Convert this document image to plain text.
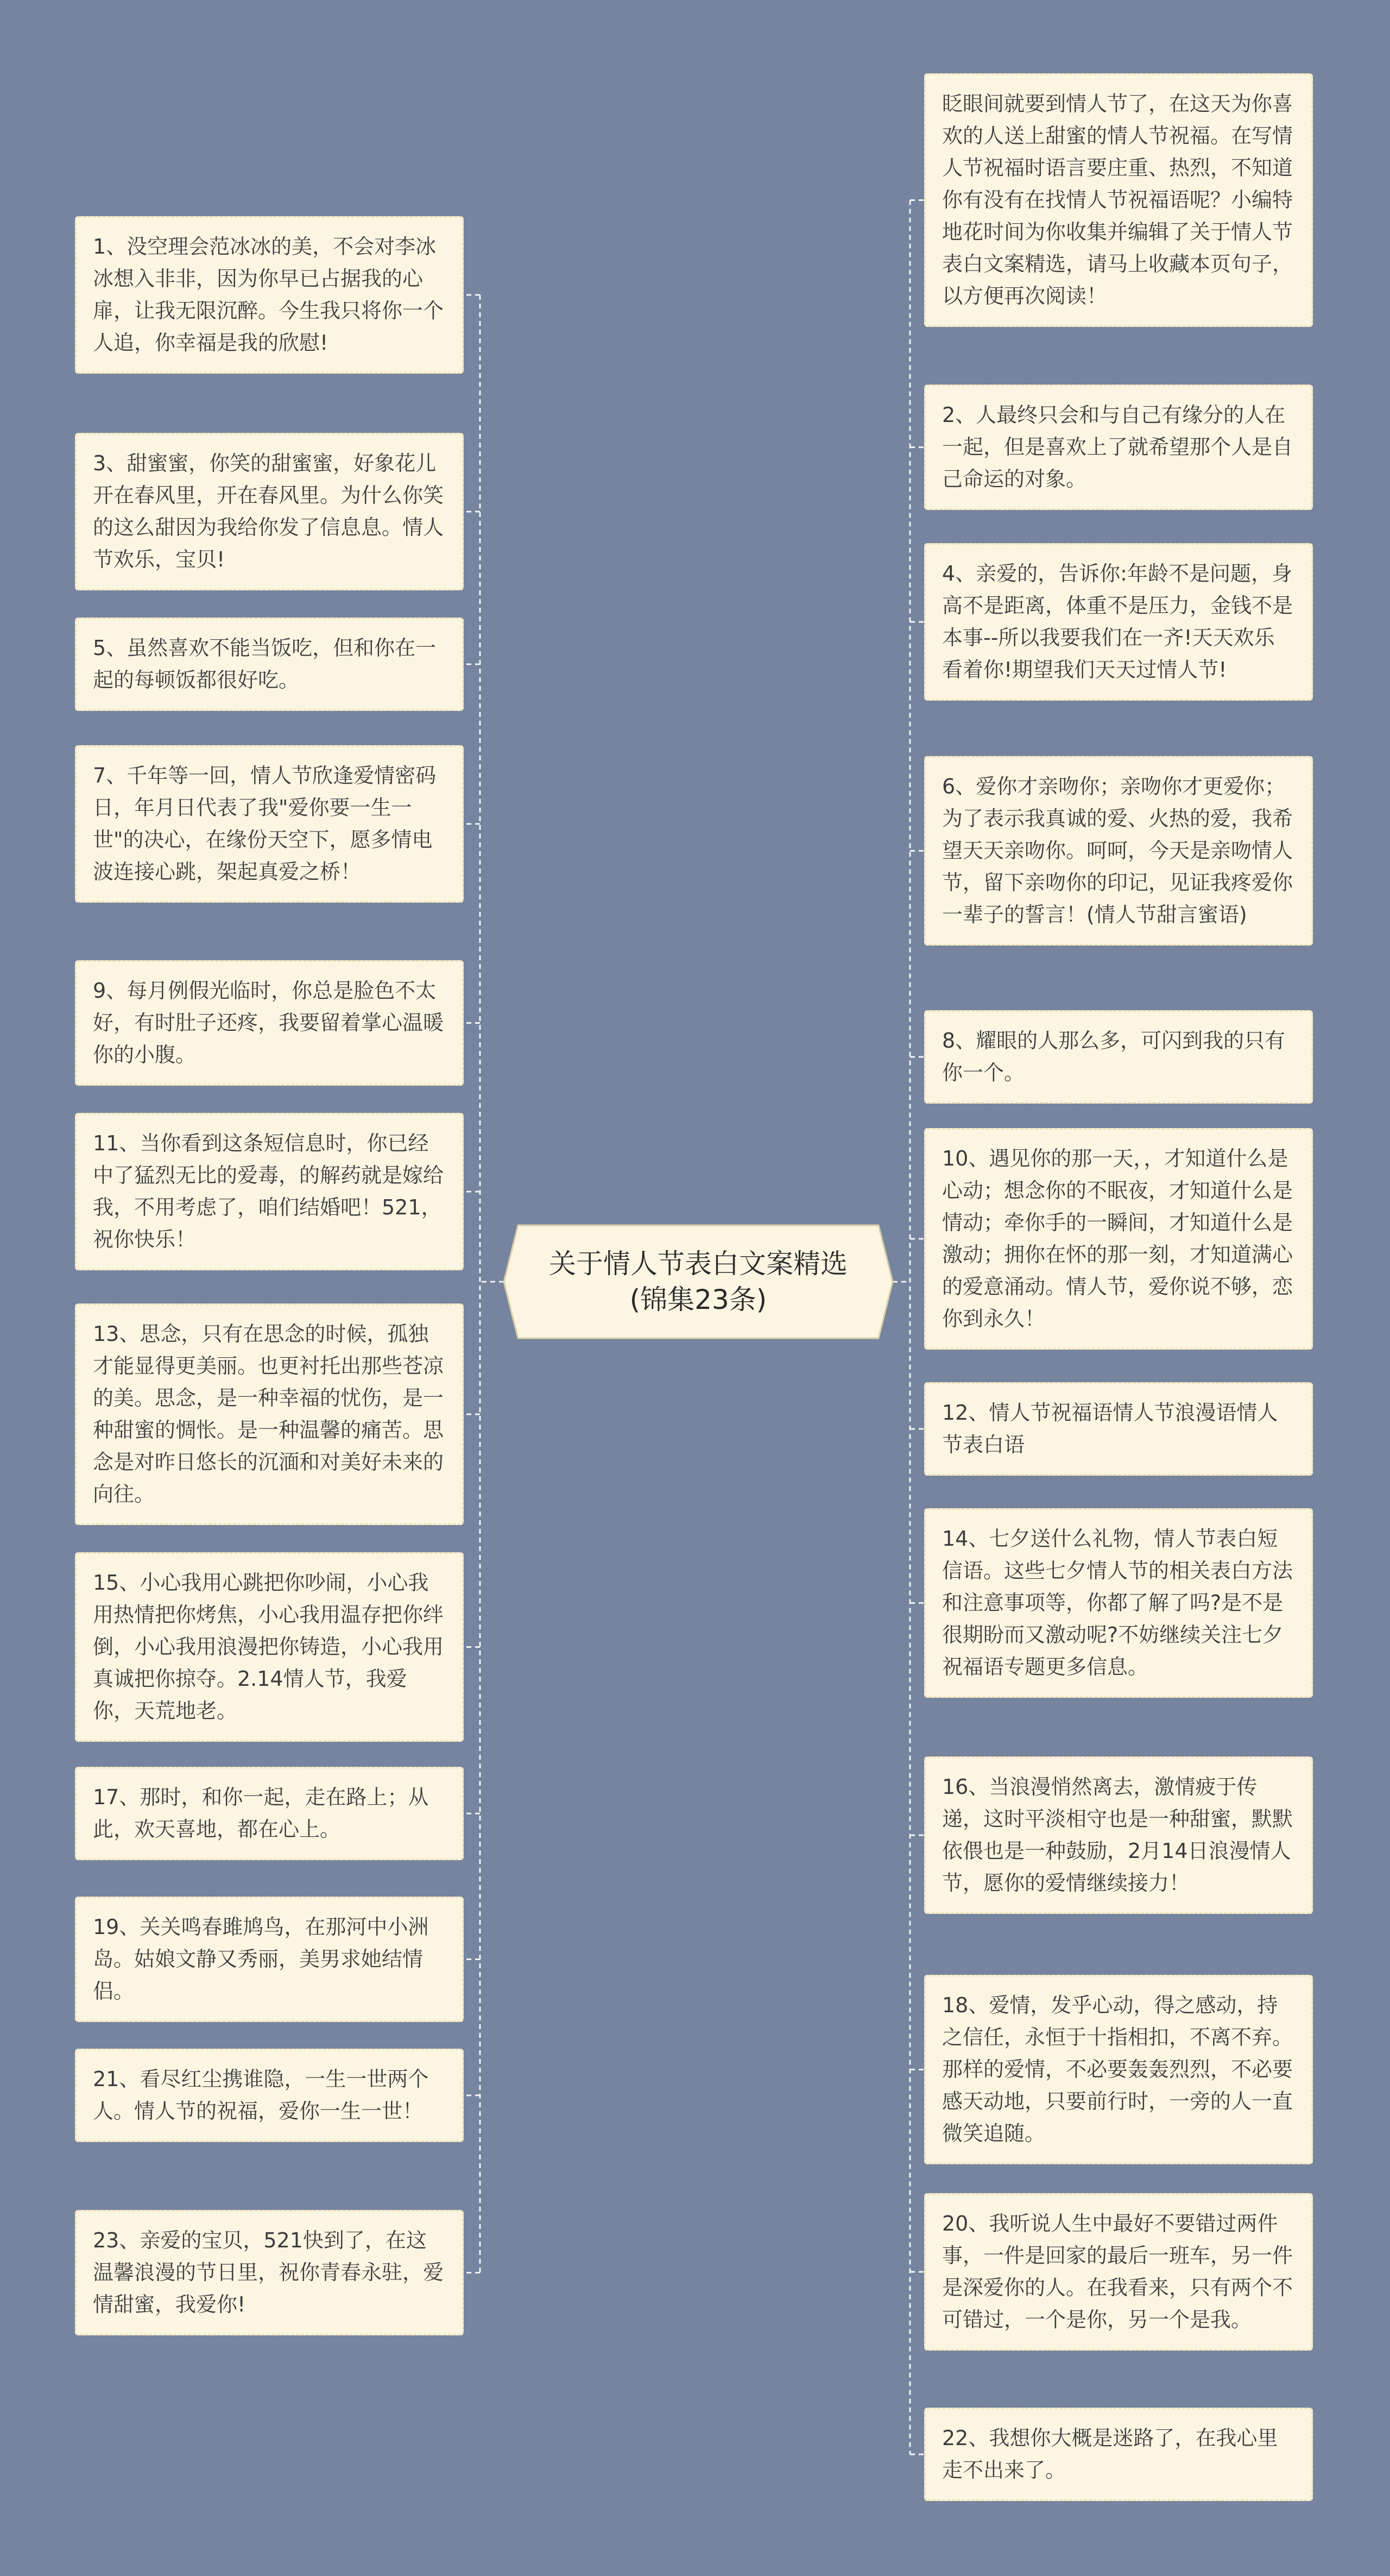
关于情人节表白文案精选(锦集23条)
1、没空理会范冰冰的美，不会对李冰冰想入非非，因为你早已占据我的心扉，让我无限沉醉。今生我只将你一个人追，你幸福是我的欣慰!
3、甜蜜蜜，你笑的甜蜜蜜，好象花儿开在春风里，开在春风里。为什么你笑的这么甜因为我给你发了信息息。情人节欢乐，宝贝!
5、虽然喜欢不能当饭吃，但和你在一起的每顿饭都很好吃。
7、千年等一回，情人节欣逢爱情密码日，年月日代表了我"爱你要一生一世"的决心，在缘份天空下，愿多情电波连接心跳，架起真爱之桥！
9、每月例假光临时，你总是脸色不太好，有时肚子还疼，我要留着掌心温暖你的小腹。
11、当你看到这条短信息时，你已经中了猛烈无比的爱毒，的解药就是嫁给我，不用考虑了，咱们结婚吧！521，祝你快乐！
13、思念，只有在思念的时候，孤独才能显得更美丽。也更衬托出那些苍凉的美。思念，是一种幸福的忧伤，是一种甜蜜的惆怅。是一种温馨的痛苦。思念是对昨日悠长的沉湎和对美好未来的向往。
15、小心我用心跳把你吵闹，小心我用热情把你烤焦，小心我用温存把你绊倒，小心我用浪漫把你铸造，小心我用真诚把你掠夺。2.14情人节，我爱你，天荒地老。
17、那时，和你一起，走在路上；从此，欢天喜地，都在心上。
19、关关鸣春雎鸠鸟，在那河中小洲岛。姑娘文静又秀丽，美男求她结情侣。
21、看尽红尘携谁隐，一生一世两个人。情人节的祝福，爱你一生一世！
23、亲爱的宝贝，521快到了，在这温馨浪漫的节日里，祝你青春永驻，爱情甜蜜，我爱你!
眨眼间就要到情人节了，在这天为你喜欢的人送上甜蜜的情人节祝福。在写情人节祝福时语言要庄重、热烈，不知道你有没有在找情人节祝福语呢？小编特地花时间为你收集并编辑了关于情人节表白文案精选，请马上收藏本页句子，以方便再次阅读！
2、人最终只会和与自己有缘分的人在一起，但是喜欢上了就希望那个人是自己命运的对象。
4、亲爱的，告诉你:年龄不是问题，身高不是距离，体重不是压力，金钱不是本事--所以我要我们在一齐!天天欢乐看着你!期望我们天天过情人节!
6、爱你才亲吻你；亲吻你才更爱你；为了表示我真诚的爱、火热的爱，我希望天天亲吻你。呵呵，今天是亲吻情人节，留下亲吻你的印记，见证我疼爱你一辈子的誓言！(情人节甜言蜜语)
8、耀眼的人那么多，可闪到我的只有你一个。
10、遇见你的那一天，，才知道什么是心动；想念你的不眠夜，才知道什么是情动；牵你手的一瞬间，才知道什么是激动；拥你在怀的那一刻，才知道满心的爱意涌动。情人节，爱你说不够，恋你到永久！
12、情人节祝福语情人节浪漫语情人节表白语
14、七夕送什么礼物，情人节表白短信语。这些七夕情人节的相关表白方法和注意事项等，你都了解了吗?是不是很期盼而又激动呢?不妨继续关注七夕祝福语专题更多信息。
16、当浪漫悄然离去，激情疲于传递，这时平淡相守也是一种甜蜜，默默依偎也是一种鼓励，2月14日浪漫情人节，愿你的爱情继续接力！
18、爱情，发乎心动，得之感动，持之信任，永恒于十指相扣，不离不弃。那样的爱情，不必要轰轰烈烈，不必要感天动地，只要前行时，一旁的人一直微笑追随。
20、我听说人生中最好不要错过两件事，一件是回家的最后一班车，另一件是深爱你的人。在我看来，只有两个不可错过，一个是你，另一个是我。
22、我想你大概是迷路了，在我心里走不出来了。
